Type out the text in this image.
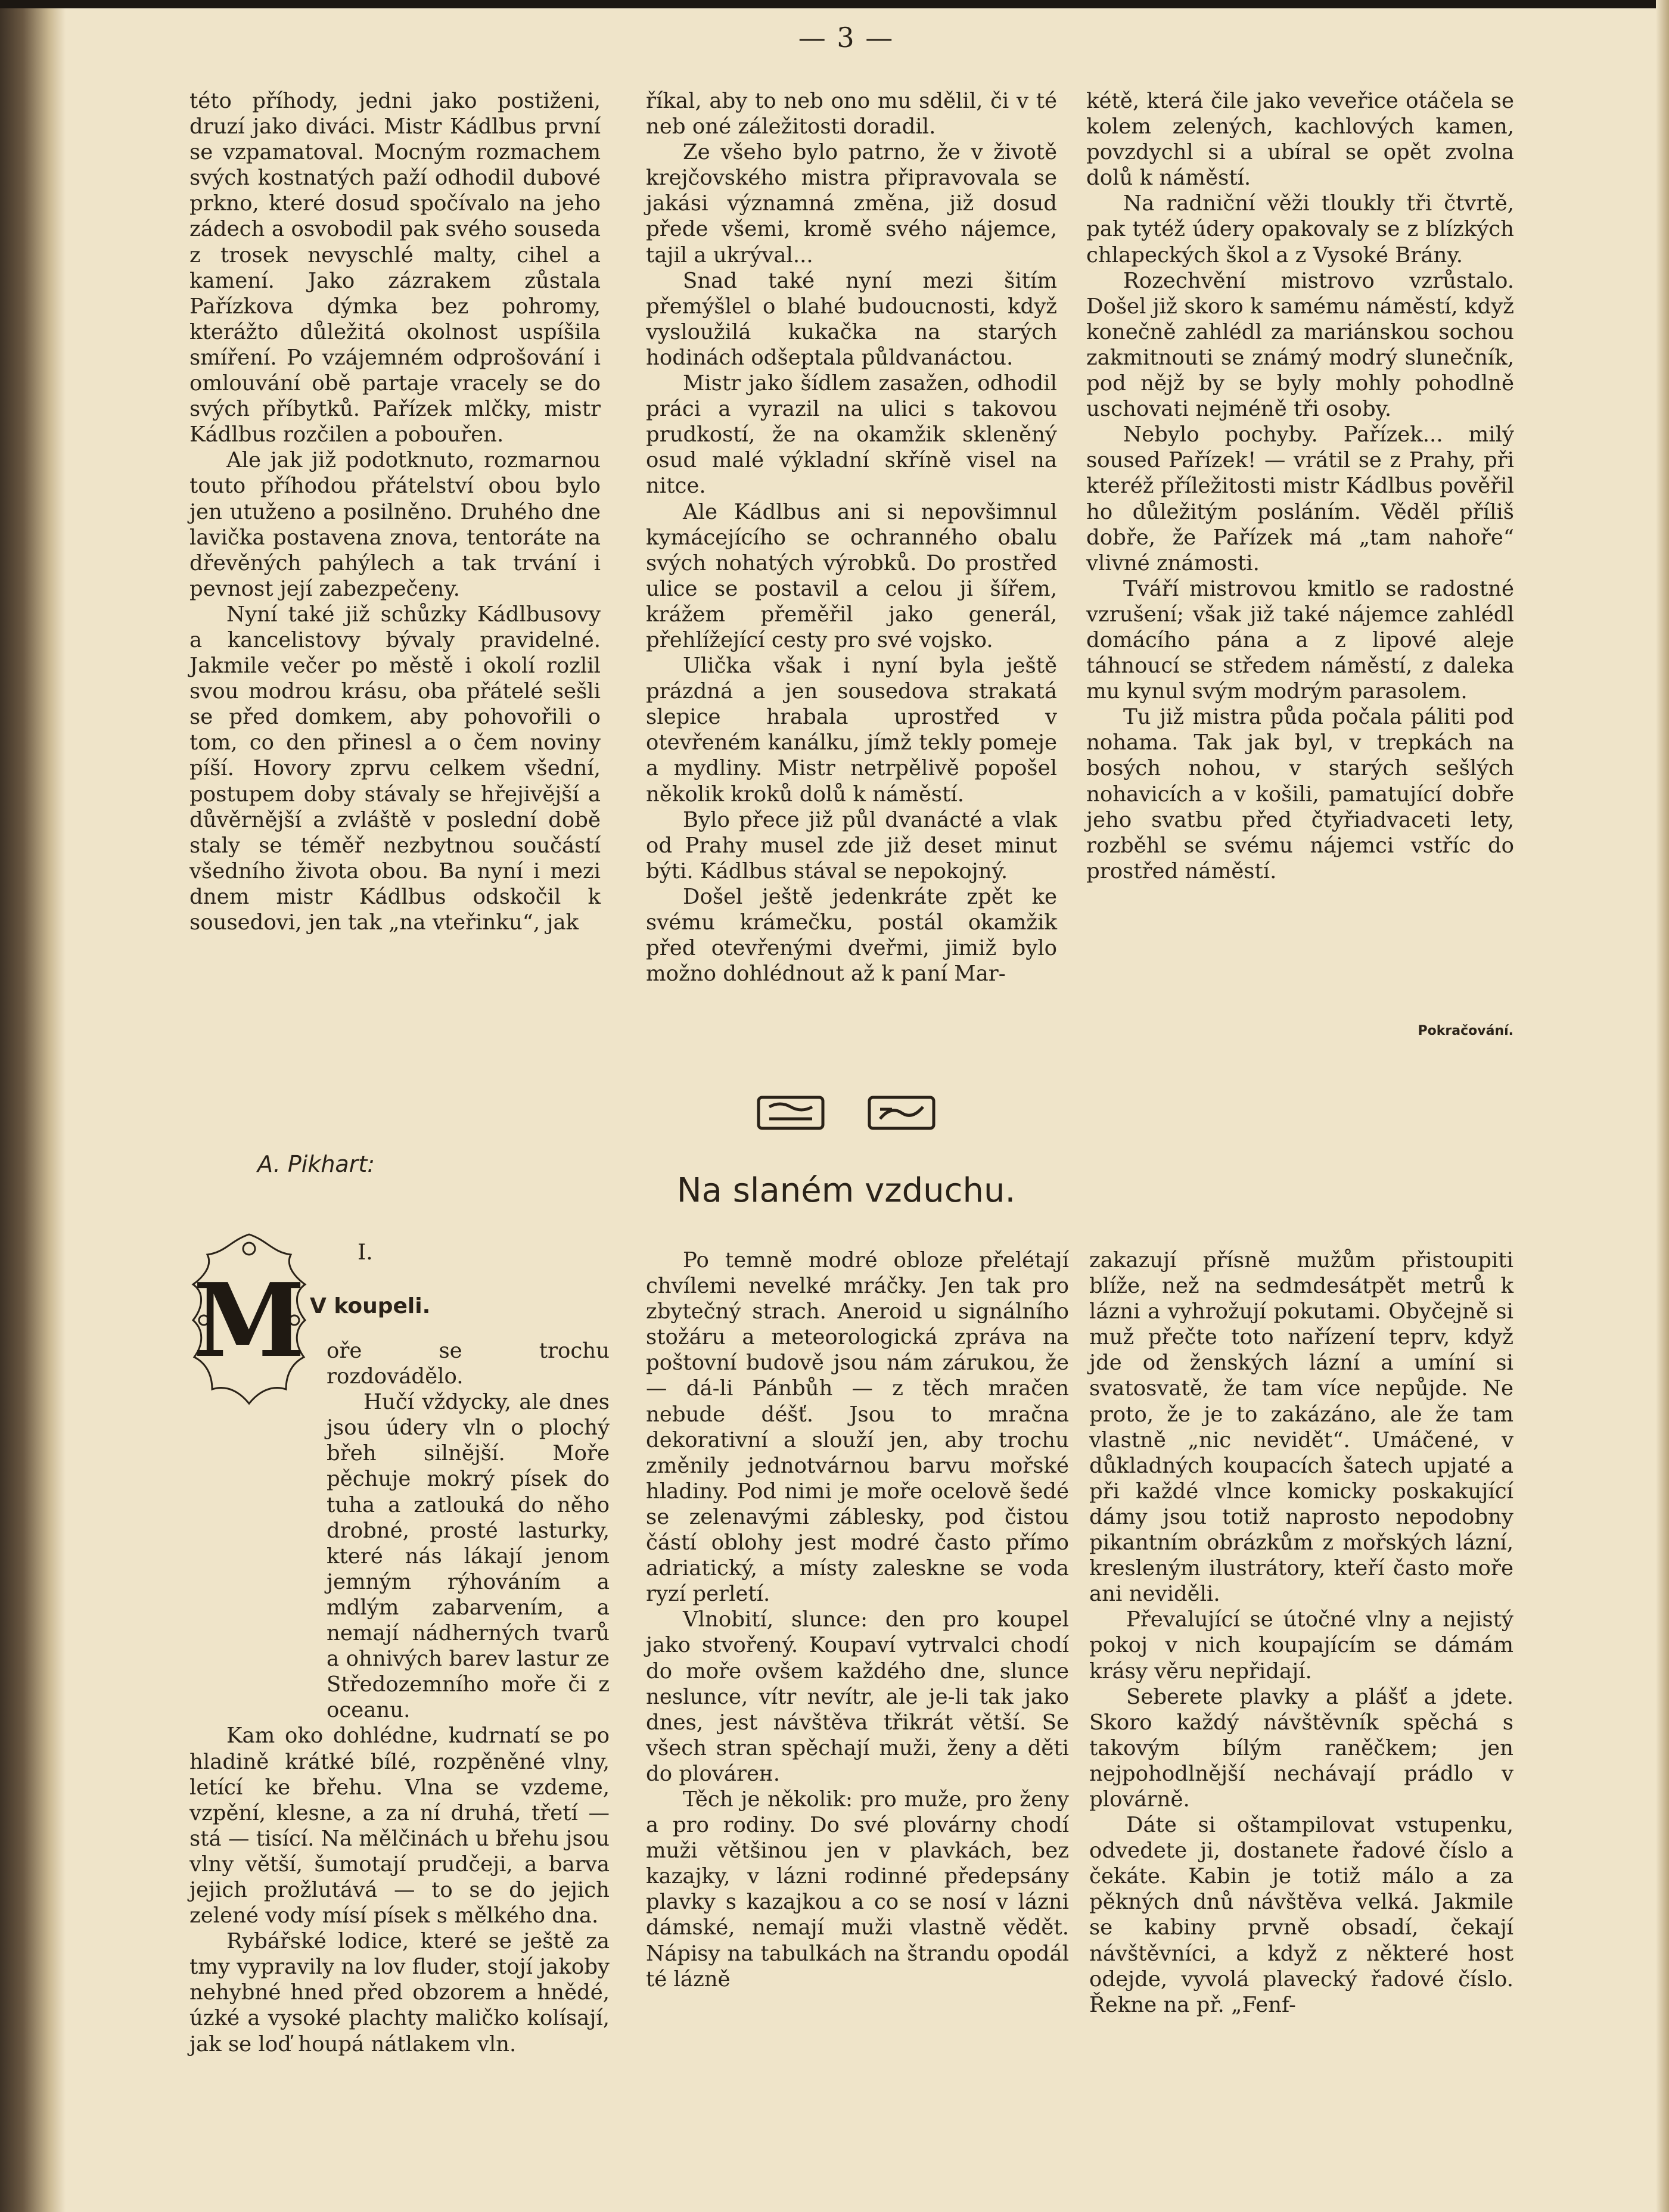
— 3 —

této příhody, jedni jako postiženi, druzí jako diváci. Mistr Kádlbus první se vzpamatoval. Mocným rozmachem svých kostnatých paží odhodil dubové prkno, které dosud spočívalo na jeho zádech a osvobodil pak svého souseda z trosek nevyschlé malty, cihel a kamení. Jako zázrakem zůstala Pařízkova dýmka bez pohromy, kterážto důležitá okolnost uspíšila smíření. Po vzájemném odprošování i omlouvání obě partaje vracely se do svých příbytků. Pařízek mlčky, mistr Kádlbus rozčilen a pobouřen.

Ale jak již podotknuto, rozmarnou touto příhodou přátelství obou bylo jen utuženo a posilněno. Druhého dne lavička postavena znova, tentoráte na dřevěných pahýlech a tak trvání i pevnost její zabezpečeny.

Nyní také již schůzky Kádlbusovy a kancelistovy bývaly pravidelné. Jakmile večer po městě i okolí rozlil svou modrou krásu, oba přátelé sešli se před domkem, aby pohovořili o tom, co den přinesl a o čem noviny píší. Hovory zprvu celkem všední, postupem doby stávaly se hřejivější a důvěrnější a zvláště v poslední době staly se téměř nezbytnou součástí všedního života obou. Ba nyní i mezi dnem mistr Kádlbus odskočil k sousedovi, jen tak „na vteřinku“, jak

říkal, aby to neb ono mu sdělil, či v té neb oné záležitosti doradil.

Ze všeho bylo patrno, že v životě krejčovského mistra připravovala se jakási významná změna, již dosud přede všemi, kromě svého nájemce, tajil a ukrýval...

Snad také nyní mezi šitím přemýšlel o blahé budoucnosti, když vysloužilá kukačka na starých hodinách odšeptala půldvanáctou.

Mistr jako šídlem zasažen, odhodil práci a vyrazil na ulici s takovou prudkostí, že na okamžik skleněný osud malé výkladní skříně visel na nitce.

Ale Kádlbus ani si nepovšimnul kymácejícího se ochranného obalu svých nohatých výrobků. Do prostřed ulice se postavil a celou ji šířem, krážem přeměřil jako generál, přehlížející cesty pro své vojsko.

Ulička však i nyní byla ještě prázdná a jen sousedova strakatá slepice hrabala uprostřed v otevřeném kanálku, jímž tekly pomeje a mydliny. Mistr netrpělivě popošel několik kroků dolů k náměstí.

Bylo přece již půl dvanácté a vlak od Prahy musel zde již deset minut býti. Kádlbus stával se nepokojný.

Došel ještě jedenkráte zpět ke svému krámečku, postál okamžik před otevřenými dveřmi, jimiž bylo možno dohlédnout až k paní Mar-

kétě, která čile jako veveřice otáčela se kolem zelených, kachlových kamen, povzdychl si a ubíral se opět zvolna dolů k náměstí.

Na radniční věži tloukly tři čtvrtě, pak tytéž údery opakovaly se z blízkých chlapeckých škol a z Vysoké Brány.

Rozechvění mistrovo vzrůstalo. Došel již skoro k samému náměstí, když konečně zahlédl za mariánskou sochou zakmitnouti se známý modrý slunečník, pod nějž by se byly mohly pohodlně uschovati nejméně tři osoby.

Nebylo pochyby. Pařízek... milý soused Pařízek! — vrátil se z Prahy, při kteréž příležitosti mistr Kádlbus pověřil ho důležitým posláním. Věděl příliš dobře, že Pařízek má „tam nahoře“ vlivné známosti.

Tváří mistrovou kmitlo se radostné vzrušení; však již také nájemce zahlédl domácího pána a z lipové aleje táhnoucí se středem náměstí, z daleka mu kynul svým modrým parasolem.

Tu již mistra půda počala páliti pod nohama. Tak jak byl, v trepkách na bosých nohou, v starých sešlých nohavicích a v košili, pamatující dobře jeho svatbu před čtyřiadvaceti lety, rozběhl se svému nájemci vstříc do prostřed náměstí.

Pokračování.
A. Pikhart:
Na slaném vzduchu.
M
I.
V koupeli.

oře se trochu rozdovádělo.

Hučí vždycky, ale dnes jsou údery vln o plochý břeh silnější. Moře pěchuje mokrý písek do tuha a zatlouká do něho drobné, prosté lasturky, které nás lákají jenom jemným rýhováním a mdlým zabarvením, a nemají nádherných tvarů a ohnivých barev lastur ze Středozemního moře či z oceanu.

Kam oko dohlédne, kudrnatí se po hladině krátké bílé, rozpěněné vlny, letící ke břehu. Vlna se vzdeme, vzpění, klesne, a za ní druhá, třetí — stá — tisící. Na mělčinách u břehu jsou vlny větší, šumotají prudčeji, a barva jejich prožlutává — to se do jejich zelené vody mísí písek s mělkého dna.

Rybářské lodice, které se ještě za tmy vypravily na lov fluder, stojí jakoby nehybné hned před obzorem a hnědé, úzké a vysoké plachty maličko kolísají, jak se loď houpá nátlakem vln.

Po temně modré obloze přelétají chvílemi nevelké mráčky. Jen tak pro zbytečný strach. Aneroid u signálního stožáru a meteorologická zpráva na poštovní budově jsou nám zárukou, že — dá-li Pánbůh — z těch mračen nebude déšť. Jsou to mračna dekorativní a slouží jen, aby trochu změnily jednotvárnou barvu mořské hladiny. Pod nimi je moře ocelově šedé se zelenavými záblesky, pod čistou částí oblohy jest modré často přímo adriatický, a místy zaleskne se voda ryzí perletí.

Vlnobití, slunce: den pro koupel jako stvořený. Koupaví vytrvalci chodí do moře ovšem každého dne, slunce neslunce, vítr nevítr, ale je-li tak jako dnes, jest návštěva třikrát větší. Se všech stran spěchají muži, ženy a děti do plovárен.

Těch je několik: pro muže, pro ženy a pro rodiny. Do své plovárny chodí muži většinou jen v plavkách, bez kazajky, v lázni rodinné předepsány plavky s kazajkou a co se nosí v lázni dámské, nemají muži vlastně vědět. Nápisy na tabulkách na štrandu opodál té lázně

zakazují přísně mužům přistoupiti blíže, než na sedmdesátpět metrů k lázni a vyhrožují pokutami. Obyčejně si muž přečte toto nařízení teprv, když jde od ženských lázní a umíní si svatosvatě, že tam více nepůjde. Ne proto, že je to zakázáno, ale že tam vlastně „nic nevidět“. Umáčené, v důkladných koupacích šatech upjaté a při každé vlnce komicky poskakující dámy jsou totiž naprosto nepodobny pikantním obrázkům z mořských lázní, kresleným ilustrátory, kteří často moře ani neviděli.

Převalující se útočné vlny a nejistý pokoj v nich koupajícím se dámám krásy věru nepřidají.

Seberete plavky a plášť a jdete. Skoro každý návštěvník spěchá s takovým bílým raněčkem; jen nejpohodlnější nechávají prádlo v plovárně.

Dáte si oštampilovat vstupenku, odvedete ji, dostanete řadové číslo a čekáte. Kabin je totiž málo a za pěkných dnů návštěva velká. Jakmile se kabiny prvně obsadí, čekají návštěvníci, a když z některé host odejde, vyvolá plavecký řadové číslo. Řekne na př. „Fenf-
